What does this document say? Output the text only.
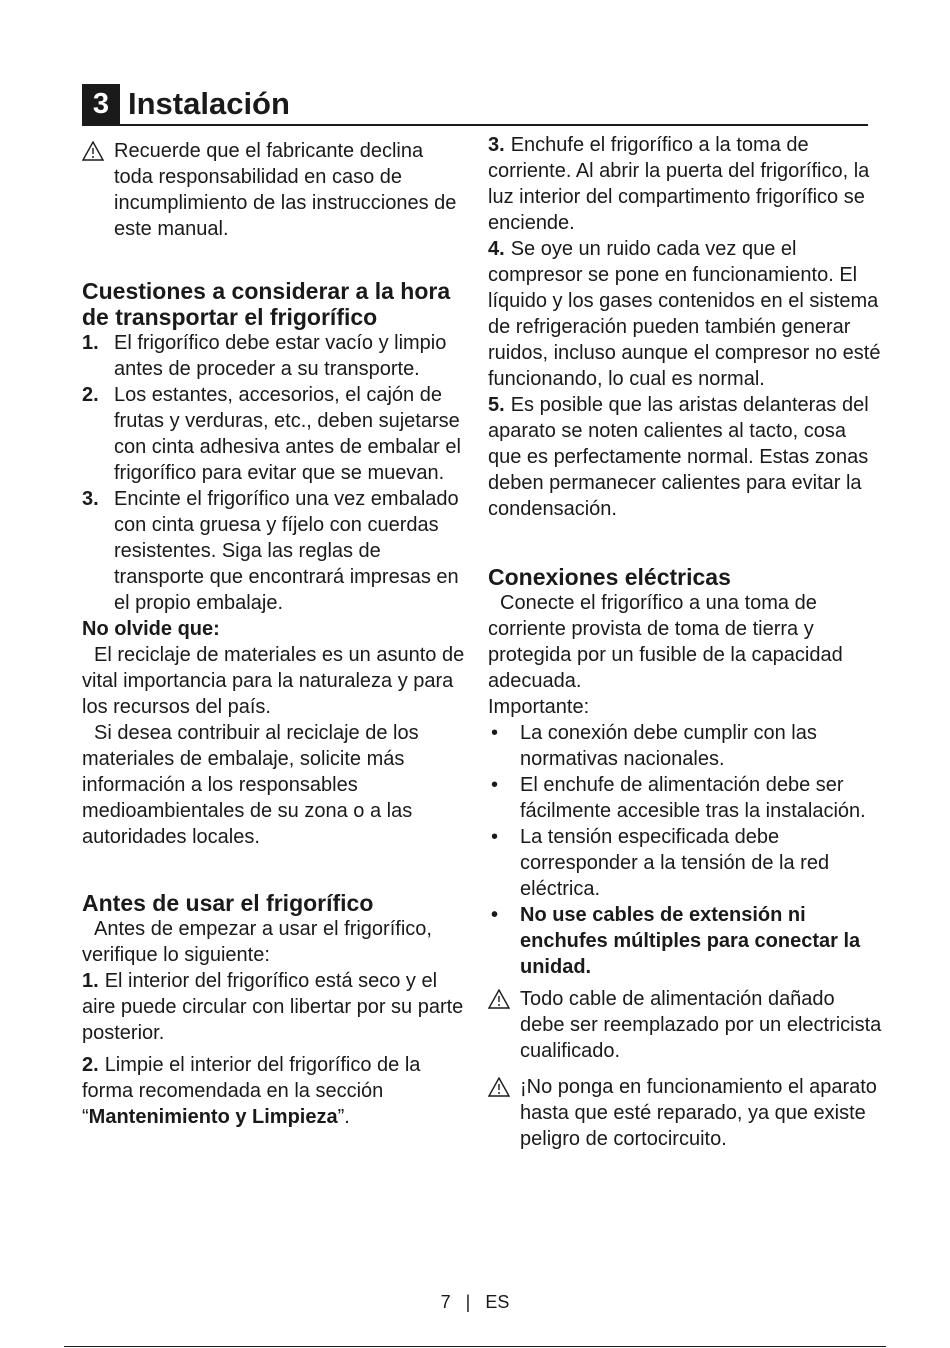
3 Instalación
Recuerde que el fabricante declina toda responsabilidad en caso de incumplimiento de las instrucciones de este manual.
Cuestiones a considerar a la hora de transportar el frigorífico
1. El frigorífico debe estar vacío y limpio antes de proceder a su transporte.
2. Los estantes, accesorios, el cajón de frutas y verduras, etc., deben sujetarse con cinta adhesiva antes de embalar el frigorífico para evitar que se muevan.
3. Encinte el frigorífico una vez embalado con cinta gruesa y fíjelo con cuerdas resistentes. Siga las reglas de transporte que encontrará impresas en el propio embalaje.
No olvide que:
El reciclaje de materiales es un asunto de vital importancia para la naturaleza y para los recursos del país.
Si desea contribuir al reciclaje de los materiales de embalaje, solicite más información a los responsables medioambientales de su zona o a las autoridades locales.
Antes de usar el frigorífico
Antes de empezar a usar el frigorífico, verifique lo siguiente:
1. El interior del frigorífico está seco y el aire puede circular con libertar por su parte posterior.
2. Limpie el interior del frigorífico de la forma recomendada en la sección “Mantenimiento y Limpieza”.
3. Enchufe el frigorífico a la toma de corriente. Al abrir la puerta del frigorífico, la luz interior del compartimento frigorífico se enciende.
4. Se oye un ruido cada vez que el compresor se pone en funcionamiento. El líquido y los gases contenidos en el sistema de refrigeración pueden también generar ruidos, incluso aunque el compresor no esté funcionando, lo cual es normal.
5. Es posible que las aristas delanteras del aparato se noten calientes al tacto, cosa que es perfectamente normal. Estas zonas deben permanecer calientes para evitar la condensación.
Conexiones eléctricas
Conecte el frigorífico a una toma de corriente provista de toma de tierra y protegida por un fusible de la capacidad adecuada.
Importante:
• La conexión debe cumplir con las normativas nacionales.
• El enchufe de alimentación debe ser fácilmente accesible tras la instalación.
• La tensión especificada debe corresponder a la tensión de la red eléctrica.
• No use cables de extensión ni enchufes múltiples para conectar la unidad.
Todo cable de alimentación dañado debe ser reemplazado por un electricista cualificado.
¡No ponga en funcionamiento el aparato hasta que esté reparado, ya que existe peligro de cortocircuito.
7 | ES
